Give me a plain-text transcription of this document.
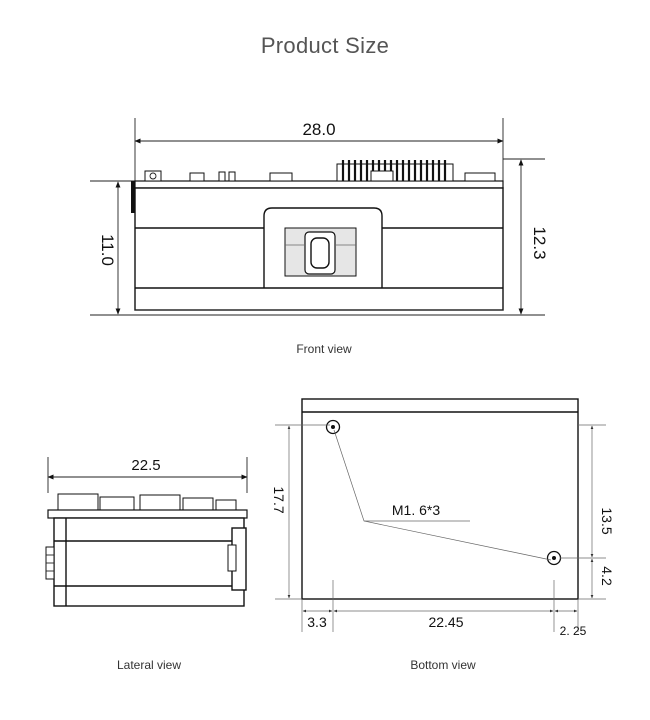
Product Size
28.0
11.0	12.3
Front view
22.5
Lateral view
M1. 6*3
17.7
13.5
4.2
3.3	22.45
2. 25
Bottom view
